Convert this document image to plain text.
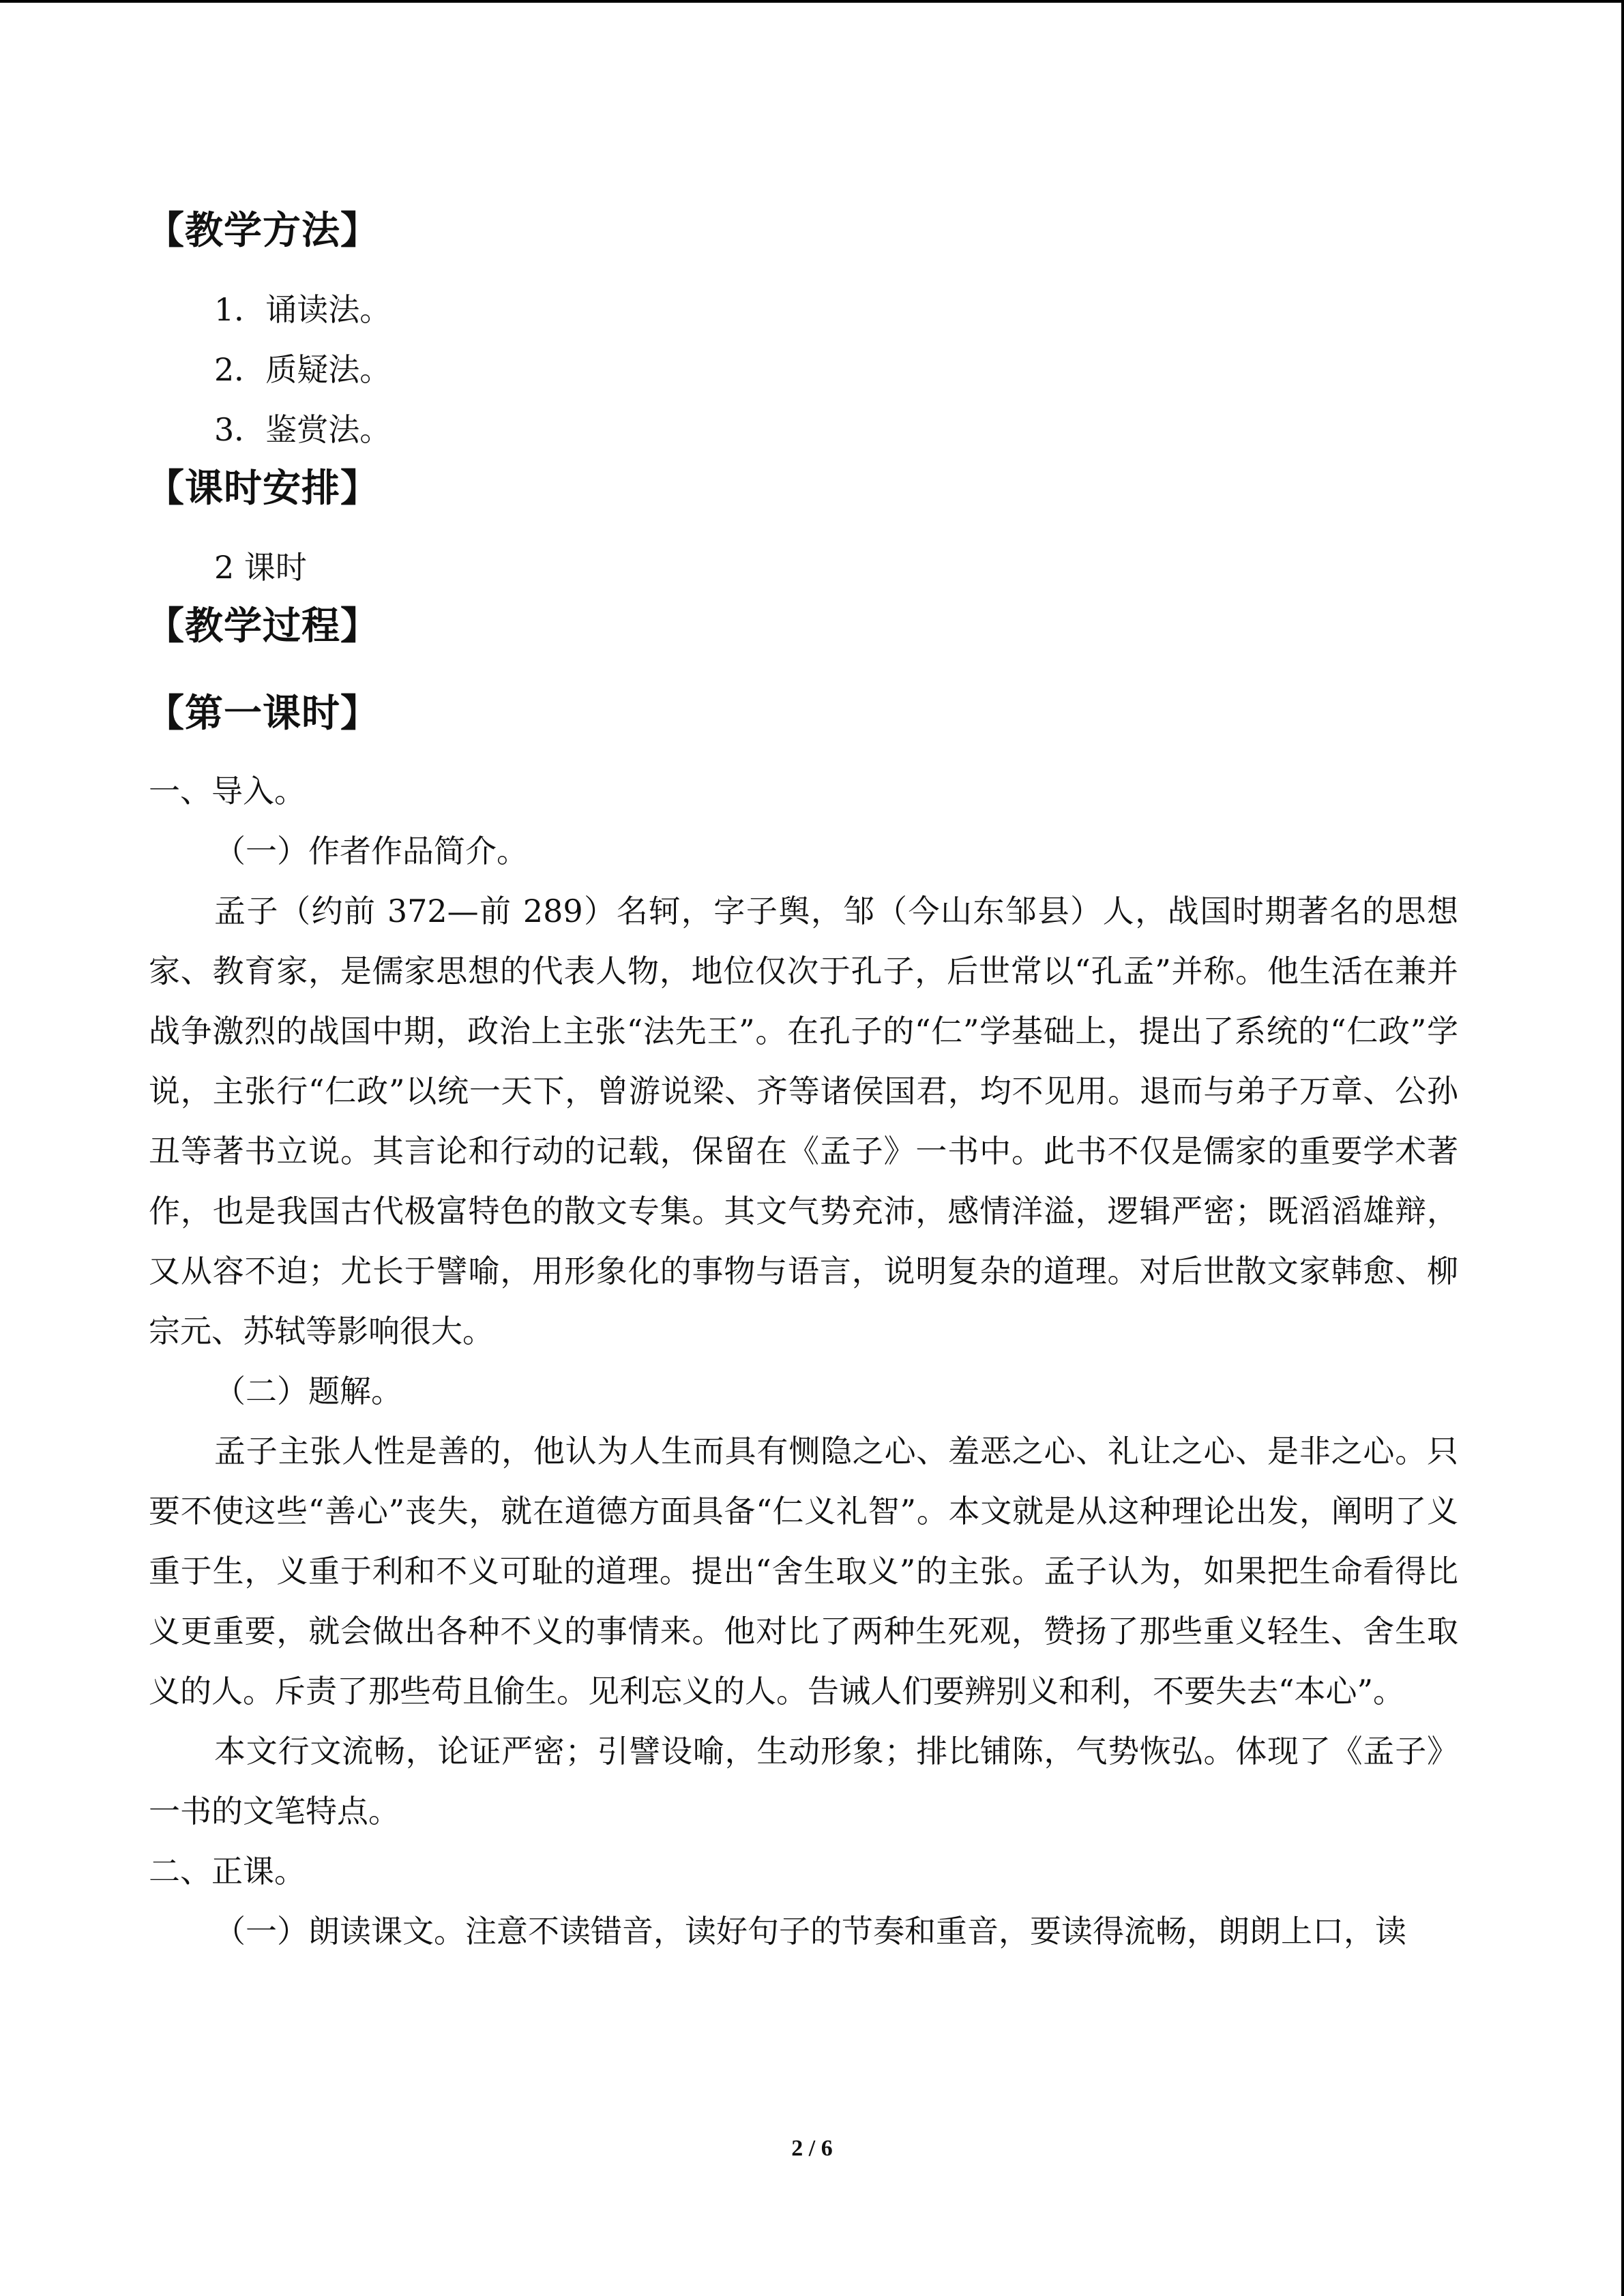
【教学方法】
1．诵读法。
2．质疑法。
3．鉴赏法。
【课时安排】
2 课时
【教学过程】
【第一课时】
一、导入。
（一）作者作品简介。
孟子（约前 372—前 289）名轲，字子舆，邹（今山东邹县）人，战国时期著名的思想家、教育家，是儒家思想的代表人物，地位仅次于孔子，后世常以“孔孟”并称。他生活在兼并战争激烈的战国中期，政治上主张“法先王”。在孔子的“仁”学基础上，提出了系统的“仁政”学说，主张行“仁政”以统一天下，曾游说梁、齐等诸侯国君，均不见用。退而与弟子万章、公孙丑等著书立说。其言论和行动的记载，保留在《孟子》一书中。此书不仅是儒家的重要学术著作，也是我国古代极富特色的散文专集。其文气势充沛，感情洋溢，逻辑严密；既滔滔雄辩，又从容不迫；尤长于譬喻，用形象化的事物与语言，说明复杂的道理。对后世散文家韩愈、柳宗元、苏轼等影响很大。
（二）题解。
孟子主张人性是善的，他认为人生而具有恻隐之心、羞恶之心、礼让之心、是非之心。只要不使这些“善心”丧失，就在道德方面具备“仁义礼智”。本文就是从这种理论出发，阐明了义重于生，义重于利和不义可耻的道理。提出“舍生取义”的主张。孟子认为，如果把生命看得比义更重要，就会做出各种不义的事情来。他对比了两种生死观，赞扬了那些重义轻生、舍生取义的人。斥责了那些苟且偷生。见利忘义的人。告诫人们要辨别义和利，不要失去“本心”。
本文行文流畅，论证严密；引譬设喻，生动形象；排比铺陈，气势恢弘。体现了《孟子》一书的文笔特点。
二、正课。
（一）朗读课文。注意不读错音，读好句子的节奏和重音，要读得流畅，朗朗上口，读
2 / 6
